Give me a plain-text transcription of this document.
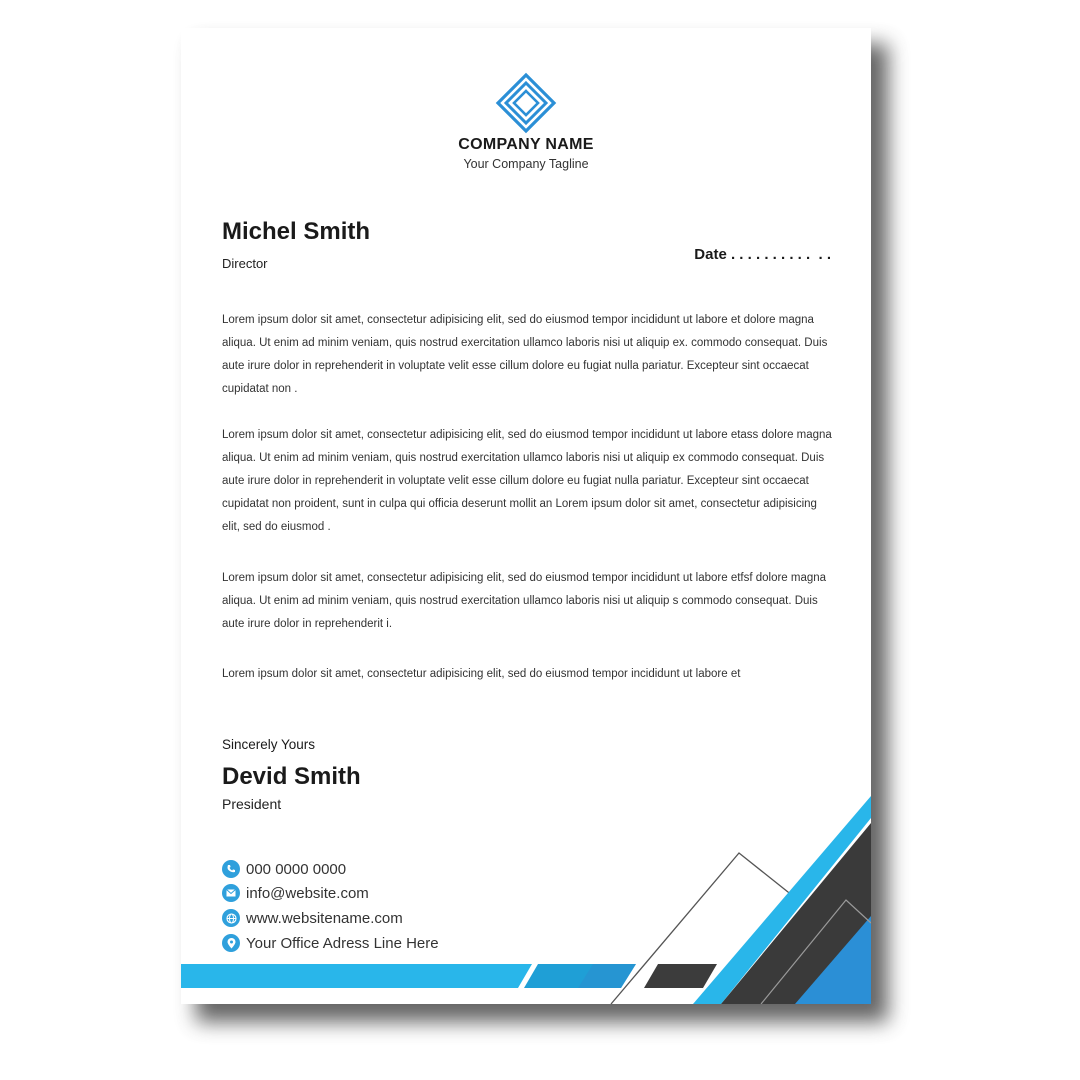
COMPANY NAME
Your Company Tagline
Michel Smith
Director
Date . . . . . . . . . .  . .
Lorem ipsum dolor sit amet, consectetur adipisicing elit, sed do eiusmod tempor incididunt ut labore et dolore magna aliqua. Ut enim ad minim veniam, quis nostrud exercitation ullamco laboris nisi ut aliquip ex. commodo consequat. Duis aute irure dolor in reprehenderit in voluptate velit esse cillum dolore eu fugiat nulla pariatur. Excepteur sint occaecat cupidatat non .
Lorem ipsum dolor sit amet, consectetur adipisicing elit, sed do eiusmod tempor incididunt ut labore etass dolore magna aliqua. Ut enim ad minim veniam, quis nostrud exercitation ullamco laboris nisi ut aliquip ex commodo consequat. Duis aute irure dolor in reprehenderit in voluptate velit esse cillum dolore eu fugiat nulla pariatur. Excepteur sint occaecat cupidatat non proident, sunt in culpa qui officia deserunt mollit an Lorem ipsum dolor sit amet, consectetur adipisicing elit, sed do eiusmod .
Lorem ipsum dolor sit amet, consectetur adipisicing elit, sed do eiusmod tempor incididunt ut labore etfsf dolore magna aliqua. Ut enim ad minim veniam, quis nostrud exercitation ullamco laboris nisi ut aliquip s commodo consequat. Duis aute irure dolor in reprehenderit i.
Lorem ipsum dolor sit amet, consectetur adipisicing elit, sed do eiusmod tempor incididunt ut labore et
Sincerely Yours
Devid Smith
President
000 0000 0000
info@website.com
www.websitename.com
Your Office Adress Line Here
